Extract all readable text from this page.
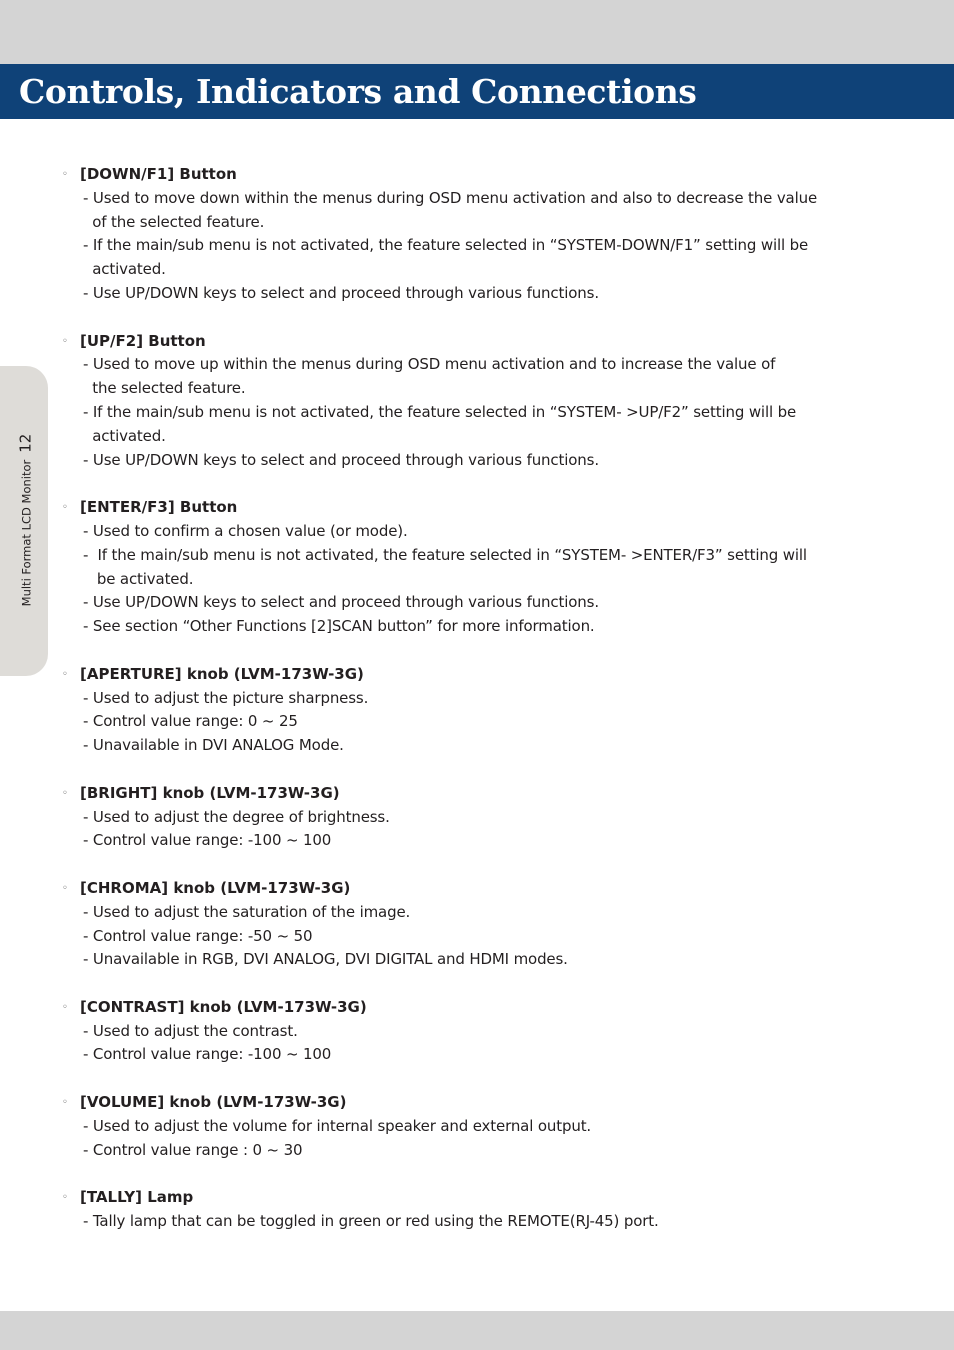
Controls, Indicators and Connections
Multi Format LCD Monitor12
◦ [DOWN/F1] Button
- Used to move down within the menus during OSD menu activation and also to decrease the value
of the selected feature.
- If the main/sub menu is not activated, the feature selected in “SYSTEM-DOWN/F1” setting will be
activated.
- Use UP/DOWN keys to select and proceed through various functions.
◦ [UP/F2] Button
- Used to move up within the menus during OSD menu activation and to increase the value of
the selected feature.
- If the main/sub menu is not activated, the feature selected in “SYSTEM- >UP/F2” setting will be
activated.
- Use UP/DOWN keys to select and proceed through various functions.
◦ [ENTER/F3] Button
- Used to confirm a chosen value (or mode).
-  If the main/sub menu is not activated, the feature selected in “SYSTEM- >ENTER/F3” setting will
be activated.
- Use UP/DOWN keys to select and proceed through various functions.
- See section “Other Functions [2]SCAN button” for more information.
◦ [APERTURE] knob (LVM-173W-3G)
- Used to adjust the picture sharpness.
- Control value range: 0 ~ 25
- Unavailable in DVI ANALOG Mode.
◦ [BRIGHT] knob (LVM-173W-3G)
- Used to adjust the degree of brightness.
- Control value range: -100 ~ 100
◦ [CHROMA] knob (LVM-173W-3G)
- Used to adjust the saturation of the image.
- Control value range: -50 ~ 50
- Unavailable in RGB, DVI ANALOG, DVI DIGITAL and HDMI modes.
◦ [CONTRAST] knob (LVM-173W-3G)
- Used to adjust the contrast.
- Control value range: -100 ~ 100
◦ [VOLUME] knob (LVM-173W-3G)
- Used to adjust the volume for internal speaker and external output.
- Control value range : 0 ~ 30
◦ [TALLY] Lamp
- Tally lamp that can be toggled in green or red using the REMOTE(RJ-45) port.
